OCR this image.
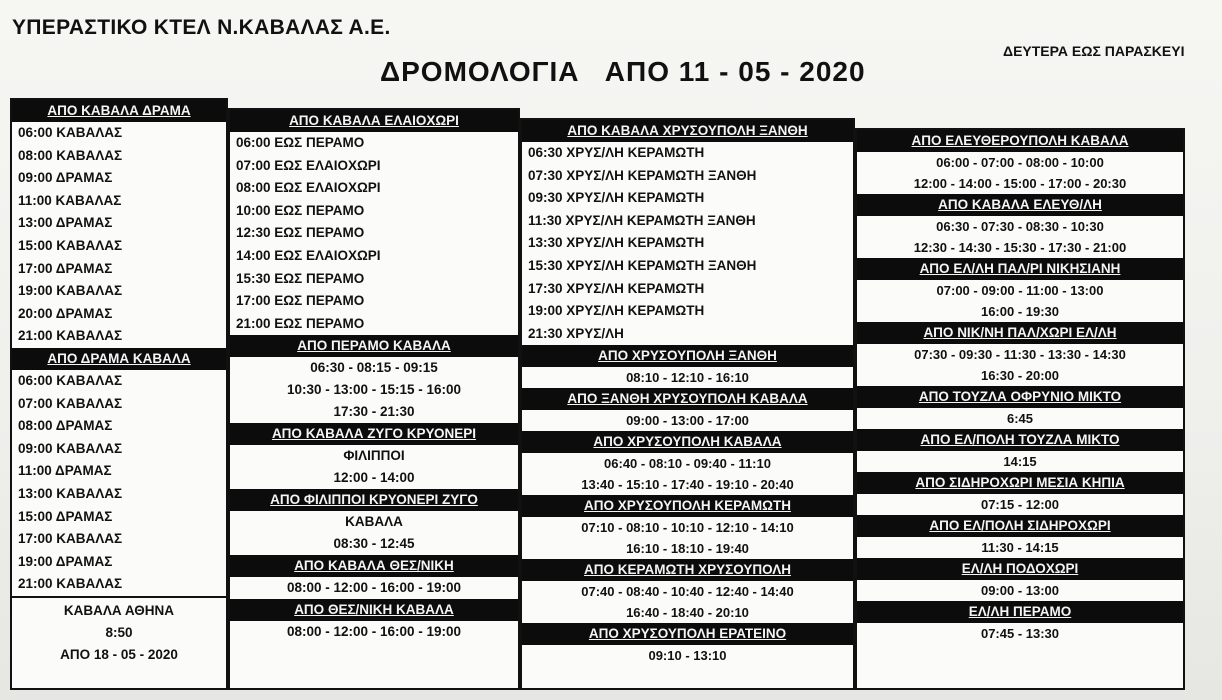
ΥΠΕΡΑΣΤΙΚΟ ΚΤΕΛ Ν.ΚΑΒΑΛΑΣ Α.Ε.
ΔΡΟΜΟΛΟΓΙΑ   ΑΠΟ 11 - 05 - 2020
ΔΕΥΤΕΡΑ ΕΩΣ ΠΑΡΑΣΚΕΥΙ
ΑΠΟ ΚΑΒΑΛΑ ΔΡΑΜΑ
06:00 ΚΑΒΑΛΑΣ
08:00 ΚΑΒΑΛΑΣ
09:00 ΔΡΑΜΑΣ
11:00 ΚΑΒΑΛΑΣ
13:00 ΔΡΑΜΑΣ
15:00 ΚΑΒΑΛΑΣ
17:00 ΔΡΑΜΑΣ
19:00 ΚΑΒΑΛΑΣ
20:00 ΔΡΑΜΑΣ
21:00 ΚΑΒΑΛΑΣ
ΑΠΟ ΔΡΑΜΑ ΚΑΒΑΛΑ
06:00 ΚΑΒΑΛΑΣ
07:00 ΚΑΒΑΛΑΣ
08:00 ΔΡΑΜΑΣ
09:00 ΚΑΒΑΛΑΣ
11:00 ΔΡΑΜΑΣ
13:00 ΚΑΒΑΛΑΣ
15:00 ΔΡΑΜΑΣ
17:00 ΚΑΒΑΛΑΣ
19:00 ΔΡΑΜΑΣ
21:00 ΚΑΒΑΛΑΣ
ΚΑΒΑΛΑ ΑΘΗΝΑ
8:50
ΑΠΟ 18 - 05 - 2020
ΑΠΟ ΚΑΒΑΛΑ ΕΛΑΙΟΧΩΡΙ
06:00 ΕΩΣ ΠΕΡΑΜΟ
07:00 ΕΩΣ ΕΛΑΙΟΧΩΡΙ
08:00 ΕΩΣ ΕΛΑΙΟΧΩΡΙ
10:00 ΕΩΣ ΠΕΡΑΜΟ
12:30 ΕΩΣ ΠΕΡΑΜΟ
14:00 ΕΩΣ ΕΛΑΙΟΧΩΡΙ
15:30 ΕΩΣ ΠΕΡΑΜΟ
17:00 ΕΩΣ ΠΕΡΑΜΟ
21:00 ΕΩΣ ΠΕΡΑΜΟ
ΑΠΟ ΠΕΡΑΜΟ ΚΑΒΑΛΑ
06:30 - 08:15 - 09:15
10:30 - 13:00 - 15:15 - 16:00
17:30 - 21:30
ΑΠΟ ΚΑΒΑΛΑ ΖΥΓΟ ΚΡΥΟΝΕΡΙ
ΦΙΛΙΠΠΟΙ
12:00 - 14:00
ΑΠΟ ΦΙΛΙΠΠΟΙ ΚΡΥΟΝΕΡΙ ΖΥΓΟ
ΚΑΒΑΛΑ
08:30 - 12:45
ΑΠΟ ΚΑΒΑΛΑ ΘΕΣ/ΝΙΚΗ
08:00 - 12:00 - 16:00 - 19:00
ΑΠΟ ΘΕΣ/ΝΙΚΗ ΚΑΒΑΛΑ
08:00 - 12:00 - 16:00 - 19:00
ΑΠΟ ΚΑΒΑΛΑ ΧΡΥΣΟΥΠΟΛΗ ΞΑΝΘΗ
06:30 ΧΡΥΣ/ΛΗ ΚΕΡΑΜΩΤΗ
07:30 ΧΡΥΣ/ΛΗ ΚΕΡΑΜΩΤΗ ΞΑΝΘΗ
09:30 ΧΡΥΣ/ΛΗ ΚΕΡΑΜΩΤΗ
11:30 ΧΡΥΣ/ΛΗ ΚΕΡΑΜΩΤΗ ΞΑΝΘΗ
13:30 ΧΡΥΣ/ΛΗ ΚΕΡΑΜΩΤΗ
15:30 ΧΡΥΣ/ΛΗ ΚΕΡΑΜΩΤΗ ΞΑΝΘΗ
17:30 ΧΡΥΣ/ΛΗ ΚΕΡΑΜΩΤΗ
19:00 ΧΡΥΣ/ΛΗ ΚΕΡΑΜΩΤΗ
21:30 ΧΡΥΣ/ΛΗ
ΑΠΟ ΧΡΥΣΟΥΠΟΛΗ ΞΑΝΘΗ
08:10 - 12:10 - 16:10
ΑΠΟ ΞΑΝΘΗ ΧΡΥΣΟΥΠΟΛΗ ΚΑΒΑΛΑ
09:00 - 13:00 - 17:00
ΑΠΟ ΧΡΥΣΟΥΠΟΛΗ ΚΑΒΑΛΑ
06:40 - 08:10 - 09:40 - 11:10
13:40 - 15:10 - 17:40 - 19:10 - 20:40
ΑΠΟ ΧΡΥΣΟΥΠΟΛΗ ΚΕΡΑΜΩΤΗ
07:10 - 08:10 - 10:10 - 12:10 - 14:10
16:10 - 18:10 - 19:40
ΑΠΟ ΚΕΡΑΜΩΤΗ ΧΡΥΣΟΥΠΟΛΗ
07:40 - 08:40 - 10:40 - 12:40 - 14:40
16:40 - 18:40 - 20:10
ΑΠΟ ΧΡΥΣΟΥΠΟΛΗ ΕΡΑΤΕΙΝΟ
09:10 - 13:10
ΑΠΟ ΕΛΕΥΘΕΡΟΥΠΟΛΗ ΚΑΒΑΛΑ
06:00 - 07:00 - 08:00 - 10:00
12:00 - 14:00 - 15:00 - 17:00 - 20:30
ΑΠΟ ΚΑΒΑΛΑ ΕΛΕΥΘ/ΛΗ
06:30 - 07:30 - 08:30 - 10:30
12:30 - 14:30 - 15:30 - 17:30 - 21:00
ΑΠΟ ΕΛ/ΛΗ ΠΑΛ/ΡΙ ΝΙΚΗΣΙΑΝΗ
07:00 - 09:00 - 11:00 - 13:00
16:00 - 19:30
ΑΠΟ ΝΙΚ/ΝΗ ΠΑΛ/ΧΩΡΙ ΕΛ/ΛΗ
07:30 - 09:30 - 11:30 - 13:30 - 14:30
16:30 - 20:00
ΑΠΟ ΤΟΥΖΛΑ ΟΦΡΥΝΙΟ ΜΙΚΤΟ
6:45
ΑΠΟ ΕΛ/ΠΟΛΗ ΤΟΥΖΛΑ ΜΙΚΤΟ
14:15
ΑΠΟ ΣΙΔΗΡΟΧΩΡΙ ΜΕΣΙΑ ΚΗΠΙΑ
07:15 - 12:00
ΑΠΟ ΕΛ/ΠΟΛΗ ΣΙΔΗΡΟΧΩΡΙ
11:30 - 14:15
ΕΛ/ΛΗ ΠΟΔΟΧΩΡΙ
09:00 - 13:00
ΕΛ/ΛΗ ΠΕΡΑΜΟ
07:45 - 13:30
